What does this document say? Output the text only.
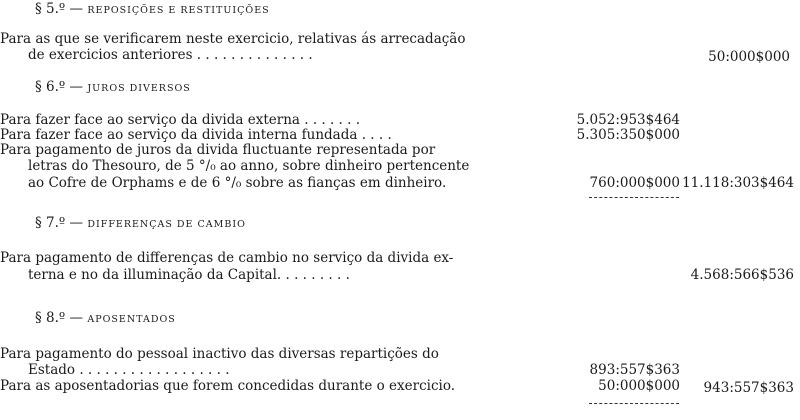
§ 5.º — REPOSIÇÕES E RESTITUIÇÕES
Para as que se verificarem neste exercicio, relativas ás arrecadação
de exercicios anteriores . . . . . . . . . . . . . .	50:000$000
§ 6.º — JUROS DIVERSOS
Para fazer face ao serviço da divida externa . . . . . . .	5.052:953$464
Para fazer face ao serviço da divida interna fundada . . . .	5.305:350$000
Para pagamento de juros da divida fluctuante representada por
letras do Thesouro, de 5 °/₀ ao anno, sobre dinheiro pertencente
ao Cofre de Orphams e de 6 °/₀ sobre as fianças em dinheiro.	760:000$000 11.118:303$464
§ 7.º — DIFFERENÇAS DE CAMBIO
Para pagamento de differenças de cambio no serviço da divida ex-
terna e no da illuminação da Capital. . . . . . . . .	4.568:566$536
§ 8.º — APOSENTADOS
Para pagamento do pessoal inactivo das diversas repartições do
Estado . . . . . . . . . . . . . . . . . .	893:557$363
Para as aposentadorias que forem concedidas durante o exercicio.	50:000$000	943:557$363
